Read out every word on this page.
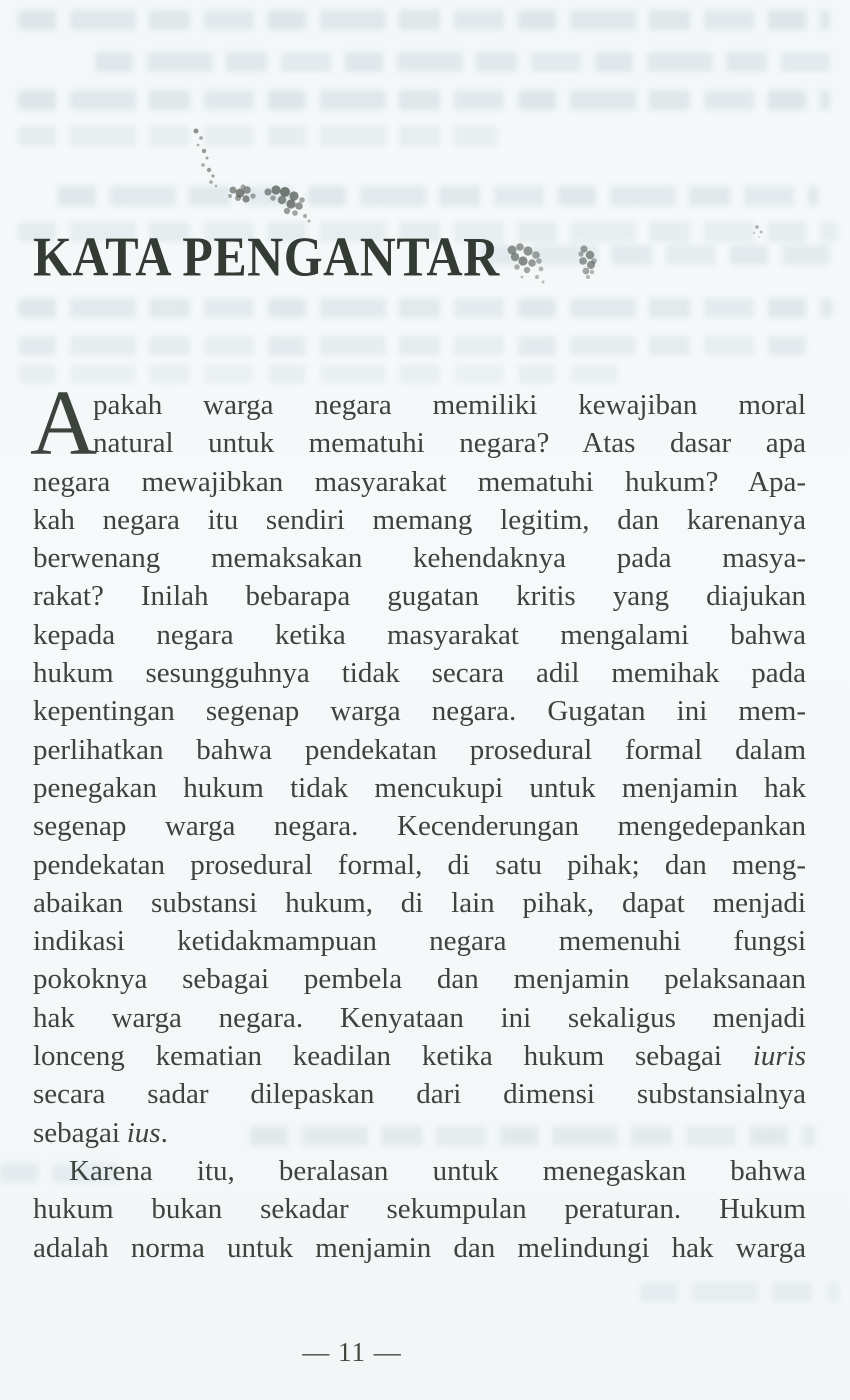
KATA PENGANTAR
A
pakah warga negara memiliki kewajiban moral
natural untuk mematuhi negara? Atas dasar apa
negara mewajibkan masyarakat mematuhi hukum? Apa-
kah negara itu sendiri memang legitim, dan karenanya
berwenang memaksakan kehendaknya pada masya-
rakat? Inilah bebarapa gugatan kritis yang diajukan
kepada negara ketika masyarakat mengalami bahwa
hukum sesungguhnya tidak secara adil memihak pada
kepentingan segenap warga negara. Gugatan ini mem-
perlihatkan bahwa pendekatan prosedural formal dalam
penegakan hukum tidak mencukupi untuk menjamin hak
segenap warga negara. Kecenderungan mengedepankan
pendekatan prosedural formal, di satu pihak; dan meng-
abaikan substansi hukum, di lain pihak, dapat menjadi
indikasi ketidakmampuan negara memenuhi fungsi
pokoknya sebagai pembela dan menjamin pelaksanaan
hak warga negara. Kenyataan ini sekaligus menjadi
lonceng kematian keadilan ketika hukum sebagai iuris
secara sadar dilepaskan dari dimensi substansialnya
sebagai ius.
Karena itu, beralasan untuk menegaskan bahwa
hukum bukan sekadar sekumpulan peraturan. Hukum
adalah norma untuk menjamin dan melindungi hak warga
— 11 —
